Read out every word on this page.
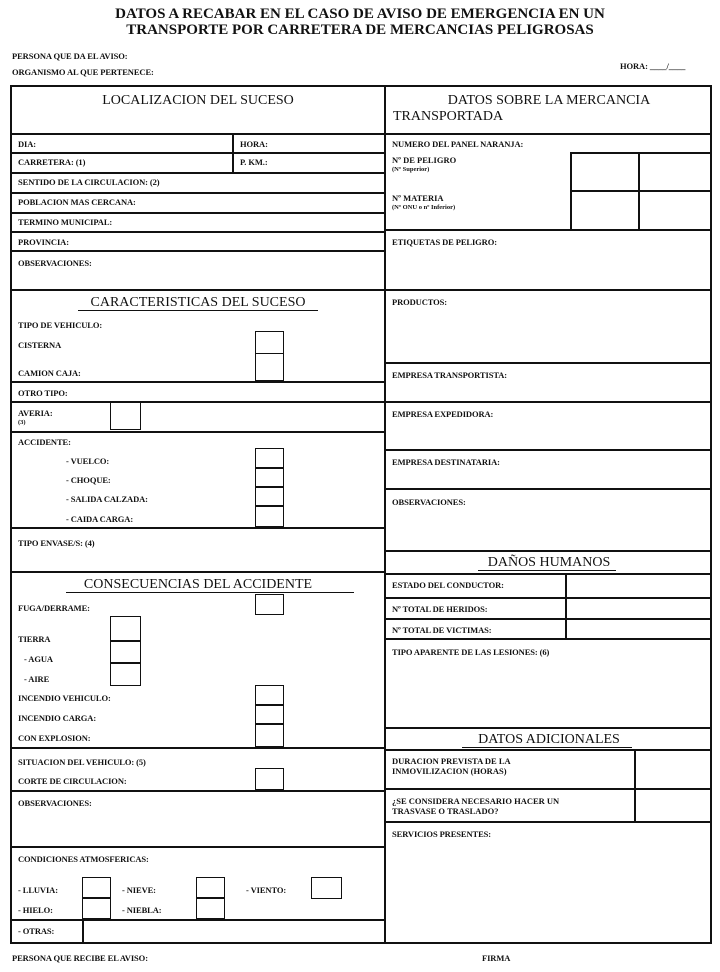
DATOS A RECABAR EN EL CASO DE AVISO DE EMERGENCIA EN UN
TRANSPORTE POR CARRETERA DE MERCANCIAS PELIGROSAS
PERSONA QUE DA EL AVISO:
ORGANISMO AL QUE PERTENECE:
HORA: ____/____
LOCALIZACION DEL SUCESO
DIA:	HORA:
CARRETERA: (1)	P. KM.:
SENTIDO DE LA CIRCULACION: (2)
POBLACION MAS CERCANA:
TERMINO MUNICIPAL:
PROVINCIA:
OBSERVACIONES:
CARACTERISTICAS DEL SUCESO
TIPO DE VEHICULO:
CISTERNA
CAMION CAJA:
OTRO TIPO:
AVERIA:
(3)
ACCIDENTE:
- VUELCO:
- CHOQUE:
- SALIDA CALZADA:
- CAIDA CARGA:
TIPO ENVASE/S: (4)
CONSECUENCIAS DEL ACCIDENTE
FUGA/DERRAME:
TIERRA
- AGUA
- AIRE
INCENDIO VEHICULO:
INCENDIO CARGA:
CON EXPLOSION:
SITUACION DEL VEHICULO: (5)
CORTE DE CIRCULACION:
OBSERVACIONES:
CONDICIONES ATMOSFERICAS:
- LLUVIA:	- NIEVE:	- VIENTO:
- HIELO:	- NIEBLA:
- OTRAS:
DATOS SOBRE LA MERCANCIA
TRANSPORTADA
NUMERO DEL PANEL NARANJA:
Nº DE PELIGRO
(Nº Superior)
Nº MATERIA
(Nº ONU o nº Inferior)
ETIQUETAS DE PELIGRO:
PRODUCTOS:
EMPRESA TRANSPORTISTA:
EMPRESA EXPEDIDORA:
EMPRESA DESTINATARIA:
OBSERVACIONES:
DAÑOS HUMANOS
ESTADO DEL CONDUCTOR:
Nº TOTAL DE HERIDOS:
Nº TOTAL DE VICTIMAS:
TIPO APARENTE DE LAS LESIONES: (6)
DATOS ADICIONALES
DURACION PREVISTA DE LA
INMOVILIZACION (HORAS)
¿SE CONSIDERA NECESARIO HACER UN
TRASVASE O TRASLADO?
SERVICIOS PRESENTES:
PERSONA QUE RECIBE EL AVISO:	FIRMA
